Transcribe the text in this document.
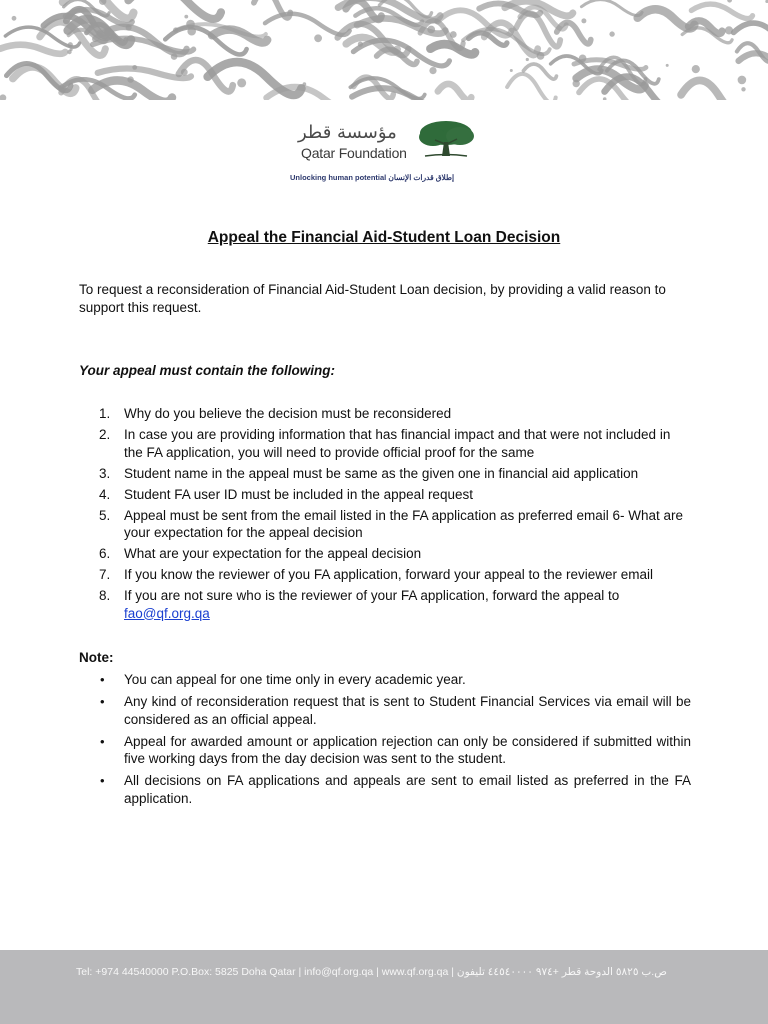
مؤسسة قطر
Qatar Foundation
Unlocking human potential إطلاق قدرات الإنسان
Appeal the Financial Aid-Student Loan Decision
To request a reconsideration of Financial Aid-Student Loan decision, by providing a valid reason to support this request.
Your appeal must contain the following:
1. Why do you believe the decision must be reconsidered
2. In case you are providing information that has financial impact and that were not included in the FA application, you will need to provide official proof for the same
3. Student name in the appeal must be same as the given one in financial aid application
4. Student FA user ID must be included in the appeal request
5. Appeal must be sent from the email listed in the FA application as preferred email 6- What are your expectation for the appeal decision
6. What are your expectation for the appeal decision
7. If you know the reviewer of you FA application, forward your appeal to the reviewer email
8. If you are not sure who is the reviewer of your FA application, forward the appeal to
fao@qf.org.qa
Note:
• You can appeal for one time only in every academic year.
• Any kind of reconsideration request that is sent to Student Financial Services via email will be considered as an official appeal.
• Appeal for awarded amount or application rejection can only be considered if submitted within five working days from the day decision was sent to the student.
• All decisions on FA applications and appeals are sent to email listed as preferred in the FA application.
Tel: +974 44540000 P.O.Box: 5825 Doha Qatar | info@qf.org.qa | www.qf.org.qa | ص.ب ٥٨٢٥ الدوحة قطر +٩٧٤ ٤٤٥٤٠٠٠٠ تليفون
